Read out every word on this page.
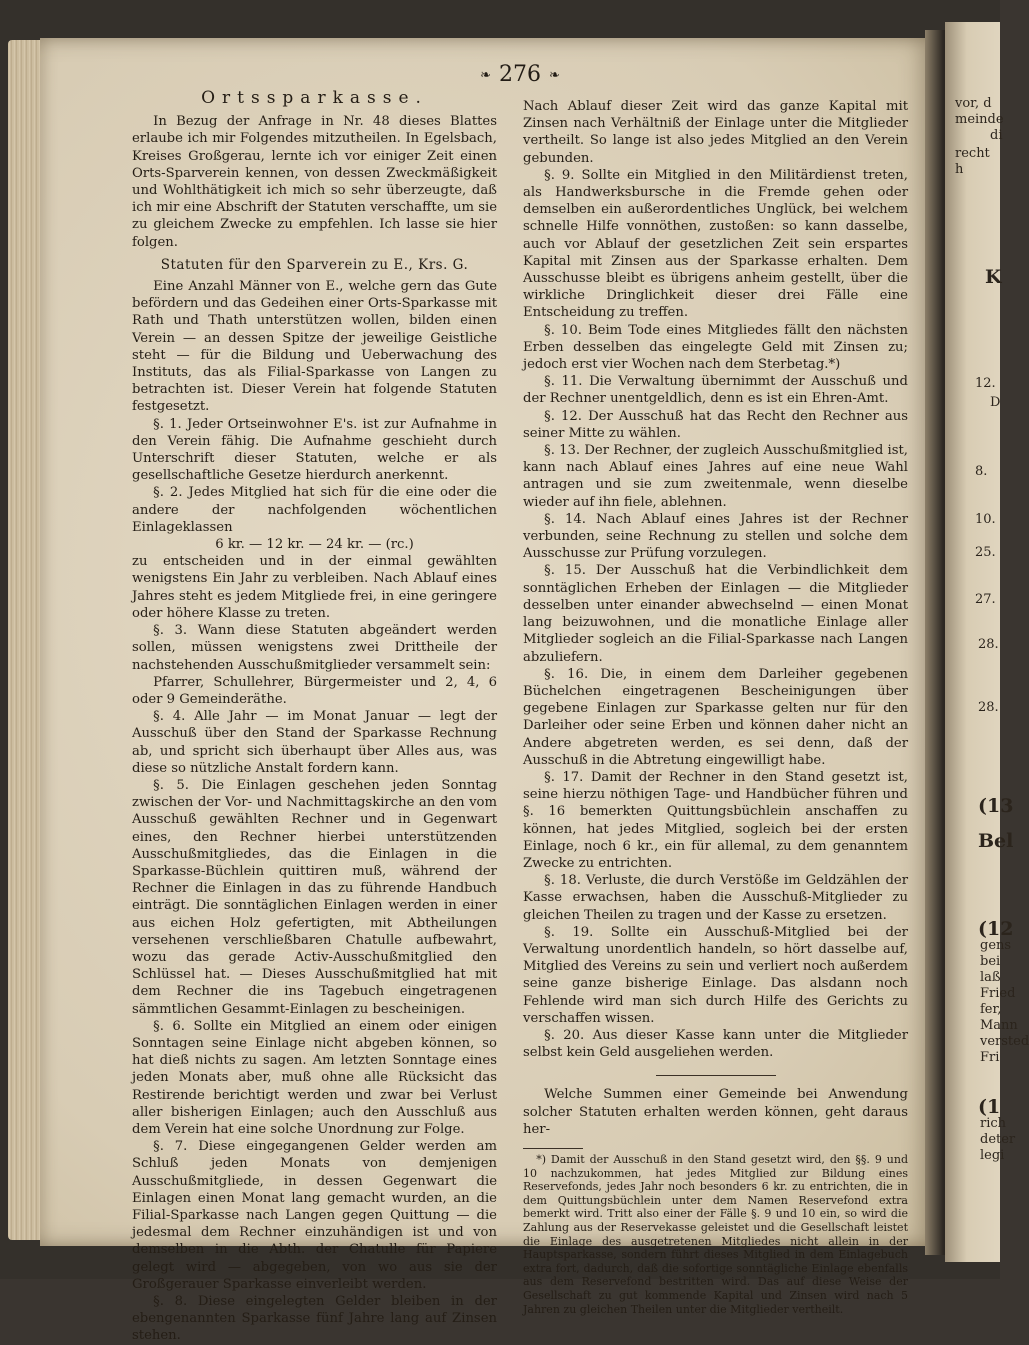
vor, d
meinde
di
recht
h
K
12.
D
8.
10.
25.
27.
28.
28.
(13
Bel
(12
gens
bei
laß
Fried
fer,
Mann
versted
Fri
(1
rich
deter
legi
❧ 276 ❧
Ortssparkasse.

In Bezug der Anfrage in Nr. 48 dieses Blattes erlaube ich mir Folgendes mitzutheilen. In Egelsbach, Kreises Großgerau, lernte ich vor einiger Zeit einen Orts-Sparverein kennen, von dessen Zweckmäßigkeit und Wohlthätigkeit ich mich so sehr überzeugte, daß ich mir eine Abschrift der Statuten verschaffte, um sie zu gleichem Zwecke zu empfehlen. Ich lasse sie hier folgen.

Statuten für den Sparverein zu E., Krs. G.

Eine Anzahl Männer von E., welche gern das Gute befördern und das Gedeihen einer Orts-Sparkasse mit Rath und Thath unterstützen wollen, bilden einen Verein — an dessen Spitze der jeweilige Geistliche steht — für die Bildung und Ueberwachung des Instituts, das als Filial-Sparkasse von Langen zu betrachten ist. Dieser Verein hat folgende Statuten festgesetzt.

§. 1. Jeder Ortseinwohner E's. ist zur Aufnahme in den Verein fähig. Die Aufnahme geschieht durch Unterschrift dieser Statuten, welche er als gesellschaftliche Gesetze hierdurch anerkennt.

§. 2. Jedes Mitglied hat sich für die eine oder die andere der nachfolgenden wöchentlichen Einlageklassen

6 kr. — 12 kr. — 24 kr. — (rc.)

zu entscheiden und in der einmal gewählten wenigstens Ein Jahr zu verbleiben. Nach Ablauf eines Jahres steht es jedem Mitgliede frei, in eine geringere oder höhere Klasse zu treten.

§. 3. Wann diese Statuten abgeändert werden sollen, müssen wenigstens zwei Drittheile der nachstehenden Ausschußmitglieder versammelt sein:

Pfarrer, Schullehrer, Bürgermeister und 2, 4, 6 oder 9 Gemeinderäthe.

§. 4. Alle Jahr — im Monat Januar — legt der Ausschuß über den Stand der Sparkasse Rechnung ab, und spricht sich überhaupt über Alles aus, was diese so nützliche Anstalt fordern kann.

§. 5. Die Einlagen geschehen jeden Sonntag zwischen der Vor- und Nachmittagskirche an den vom Ausschuß gewählten Rechner und in Gegenwart eines, den Rechner hierbei unterstützenden Ausschußmitgliedes, das die Einlagen in die Sparkasse-Büchlein quittiren muß, während der Rechner die Einlagen in das zu führende Handbuch einträgt. Die sonntäglichen Einlagen werden in einer aus eichen Holz gefertigten, mit Abtheilungen versehenen verschließbaren Chatulle aufbewahrt, wozu das gerade Activ-Ausschußmitglied den Schlüssel hat. — Dieses Ausschußmitglied hat mit dem Rechner die ins Tagebuch eingetragenen sämmtlichen Gesammt-Einlagen zu bescheinigen.

§. 6. Sollte ein Mitglied an einem oder einigen Sonntagen seine Einlage nicht abgeben können, so hat dieß nichts zu sagen. Am letzten Sonntage eines jeden Monats aber, muß ohne alle Rücksicht das Restirende berichtigt werden und zwar bei Verlust aller bisherigen Einlagen; auch den Ausschluß aus dem Verein hat eine solche Unordnung zur Folge.

§. 7. Diese eingegangenen Gelder werden am Schluß jeden Monats von demjenigen Ausschußmitgliede, in dessen Gegenwart die Einlagen einen Monat lang gemacht wurden, an die Filial-Sparkasse nach Langen gegen Quittung — die jedesmal dem Rechner einzuhändigen ist und von demselben in die Abth. der Chatulle für Papiere gelegt wird — abgegeben, von wo aus sie der Großgerauer Sparkasse einverleibt werden.

§. 8. Diese eingelegten Gelder bleiben in der ebengenannten Sparkasse fünf Jahre lang auf Zinsen stehen.

Nach Ablauf dieser Zeit wird das ganze Kapital mit Zinsen nach Verhältniß der Einlage unter die Mitglieder vertheilt. So lange ist also jedes Mitglied an den Verein gebunden.

§. 9. Sollte ein Mitglied in den Militärdienst treten, als Handwerksbursche in die Fremde gehen oder demselben ein außerordentliches Unglück, bei welchem schnelle Hilfe vonnöthen, zustoßen: so kann dasselbe, auch vor Ablauf der gesetzlichen Zeit sein erspartes Kapital mit Zinsen aus der Sparkasse erhalten. Dem Ausschusse bleibt es übrigens anheim gestellt, über die wirkliche Dringlichkeit dieser drei Fälle eine Entscheidung zu treffen.

§. 10. Beim Tode eines Mitgliedes fällt den nächsten Erben desselben das eingelegte Geld mit Zinsen zu; jedoch erst vier Wochen nach dem Sterbetag.*)

§. 11. Die Verwaltung übernimmt der Ausschuß und der Rechner unentgeldlich, denn es ist ein Ehren-Amt.

§. 12. Der Ausschuß hat das Recht den Rechner aus seiner Mitte zu wählen.

§. 13. Der Rechner, der zugleich Ausschußmitglied ist, kann nach Ablauf eines Jahres auf eine neue Wahl antragen und sie zum zweitenmale, wenn dieselbe wieder auf ihn fiele, ablehnen.

§. 14. Nach Ablauf eines Jahres ist der Rechner verbunden, seine Rechnung zu stellen und solche dem Ausschusse zur Prüfung vorzulegen.

§. 15. Der Ausschuß hat die Verbindlichkeit dem sonntäglichen Erheben der Einlagen — die Mitglieder desselben unter einander abwechselnd — einen Monat lang beizuwohnen, und die monatliche Einlage aller Mitglieder sogleich an die Filial-Sparkasse nach Langen abzuliefern.

§. 16. Die, in einem dem Darleiher gegebenen Büchelchen eingetragenen Bescheinigungen über gegebene Einlagen zur Sparkasse gelten nur für den Darleiher oder seine Erben und können daher nicht an Andere abgetreten werden, es sei denn, daß der Ausschuß in die Abtretung eingewilligt habe.

§. 17. Damit der Rechner in den Stand gesetzt ist, seine hierzu nöthigen Tage- und Handbücher führen und §. 16 bemerkten Quittungsbüchlein anschaffen zu können, hat jedes Mitglied, sogleich bei der ersten Einlage, noch 6 kr., ein für allemal, zu dem genanntem Zwecke zu entrichten.

§. 18. Verluste, die durch Verstöße im Geldzählen der Kasse erwachsen, haben die Ausschuß-Mitglieder zu gleichen Theilen zu tragen und der Kasse zu ersetzen.

§. 19. Sollte ein Ausschuß-Mitglied bei der Verwaltung unordentlich handeln, so hört dasselbe auf, Mitglied des Vereins zu sein und verliert noch außerdem seine ganze bisherige Einlage. Das alsdann noch Fehlende wird man sich durch Hilfe des Gerichts zu verschaffen wissen.

§. 20. Aus dieser Kasse kann unter die Mitglieder selbst kein Geld ausgeliehen werden.

Welche Summen einer Gemeinde bei Anwendung solcher Statuten erhalten werden können, geht daraus her-

*) Damit der Ausschuß in den Stand gesetzt wird, den §§. 9 und 10 nachzukommen, hat jedes Mitglied zur Bildung eines Reservefonds, jedes Jahr noch besonders 6 kr. zu entrichten, die in dem Quittungsbüchlein unter dem Namen Reservefond extra bemerkt wird. Tritt also einer der Fälle §. 9 und 10 ein, so wird die Zahlung aus der Reservekasse geleistet und die Gesellschaft leistet die Einlage des ausgetretenen Mitgliedes nicht allein in der Hauptsparkasse, sondern führt dieses Mitglied in dem Einlagebuch extra fort, dadurch, daß die sofortige sonntägliche Einlage ebenfalls aus dem Reservefond bestritten wird. Das auf diese Weise der Gesellschaft zu gut kommende Kapital und Zinsen wird nach 5 Jahren zu gleichen Theilen unter die Mitglieder vertheilt.
